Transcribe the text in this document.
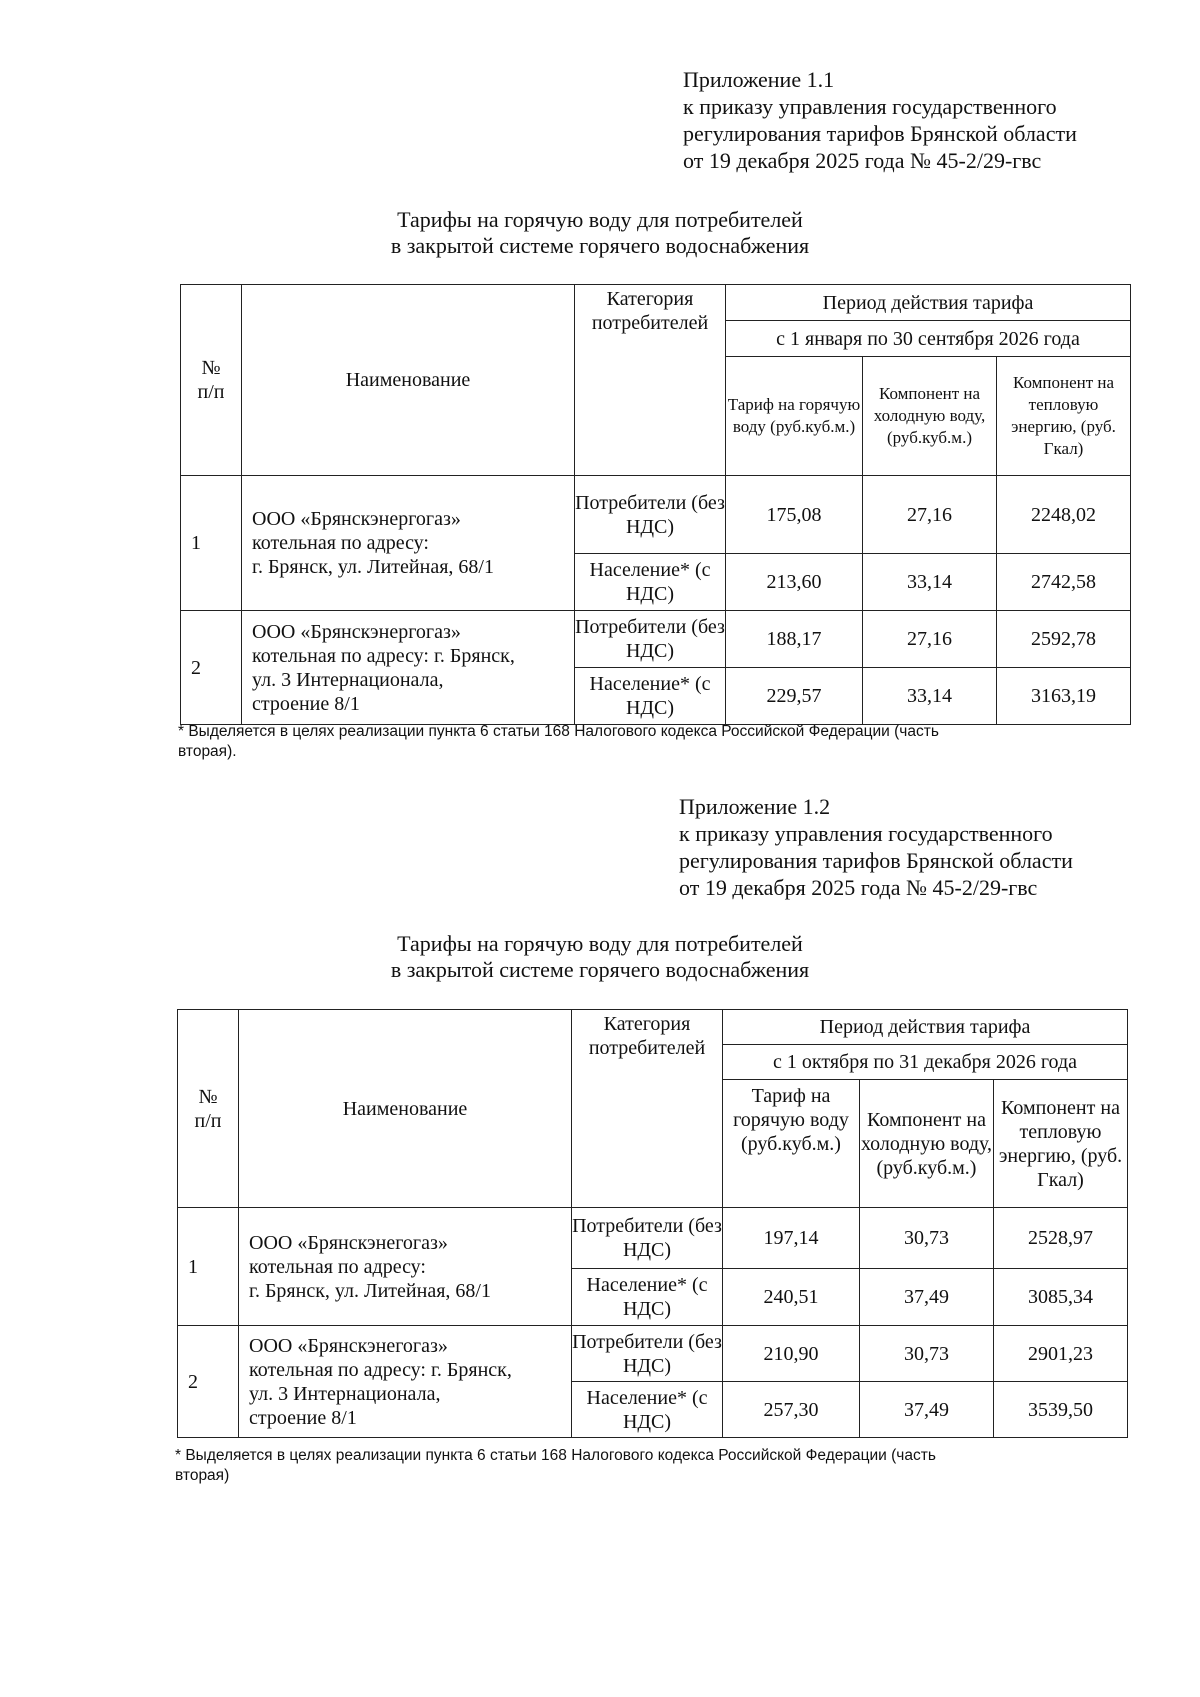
Приложение 1.1
к приказу управления государственного
регулирования тарифов Брянской области
от 19 декабря 2025 года № 45-2/29-гвс
Тарифы на горячую воду для потребителей
в закрытой системе горячего водоснабжения
№ п/п	Наименование	Категория потребителей	Период действия тарифа		
			с 1 января по 30 сентября 2026 года		
			Тариф на горячую воду (руб.куб.м.)	Компонент на холодную воду, (руб.куб.м.)	Компонент на тепловую энергию, (руб. Гкал)
1	ООО «Брянскэнергогаз»
котельная по адресу:
г. Брянск, ул. Литейная, 68/1	Потребители (без НДС)	175,08	27,16	2248,02
		Население* (с НДС)	213,60	33,14	2742,58
2	ООО «Брянскэнергогаз»
котельная по адресу: г. Брянск,
ул. 3 Интернационала,
строение 8/1	Потребители (без НДС)	188,17	27,16	2592,78
		Население* (с НДС)	229,57	33,14	3163,19
* Выделяется в целях реализации пункта 6 статьи 168 Налогового кодекса Российской Федерации (часть
вторая).
Приложение 1.2
к приказу управления государственного
регулирования тарифов Брянской области
от 19 декабря 2025 года № 45-2/29-гвс
Тарифы на горячую воду для потребителей
в закрытой системе горячего водоснабжения
№ п/п	Наименование	Категория потребителей	Период действия тарифа		
			с 1 октября по 31 декабря 2026 года		
			Тариф на горячую воду (руб.куб.м.)	Компонент на холодную воду, (руб.куб.м.)	Компонент на тепловую энергию, (руб. Гкал)
1	ООО «Брянскэнегогаз»
котельная по адресу:
г. Брянск, ул. Литейная, 68/1	Потребители (без НДС)	197,14	30,73	2528,97
		Население* (с НДС)	240,51	37,49	3085,34
2	ООО «Брянскэнегогаз»
котельная по адресу: г. Брянск,
ул. 3 Интернационала,
строение 8/1	Потребители (без НДС)	210,90	30,73	2901,23
		Население* (с НДС)	257,30	37,49	3539,50
* Выделяется в целях реализации пункта 6 статьи 168 Налогового кодекса Российской Федерации (часть
вторая)
